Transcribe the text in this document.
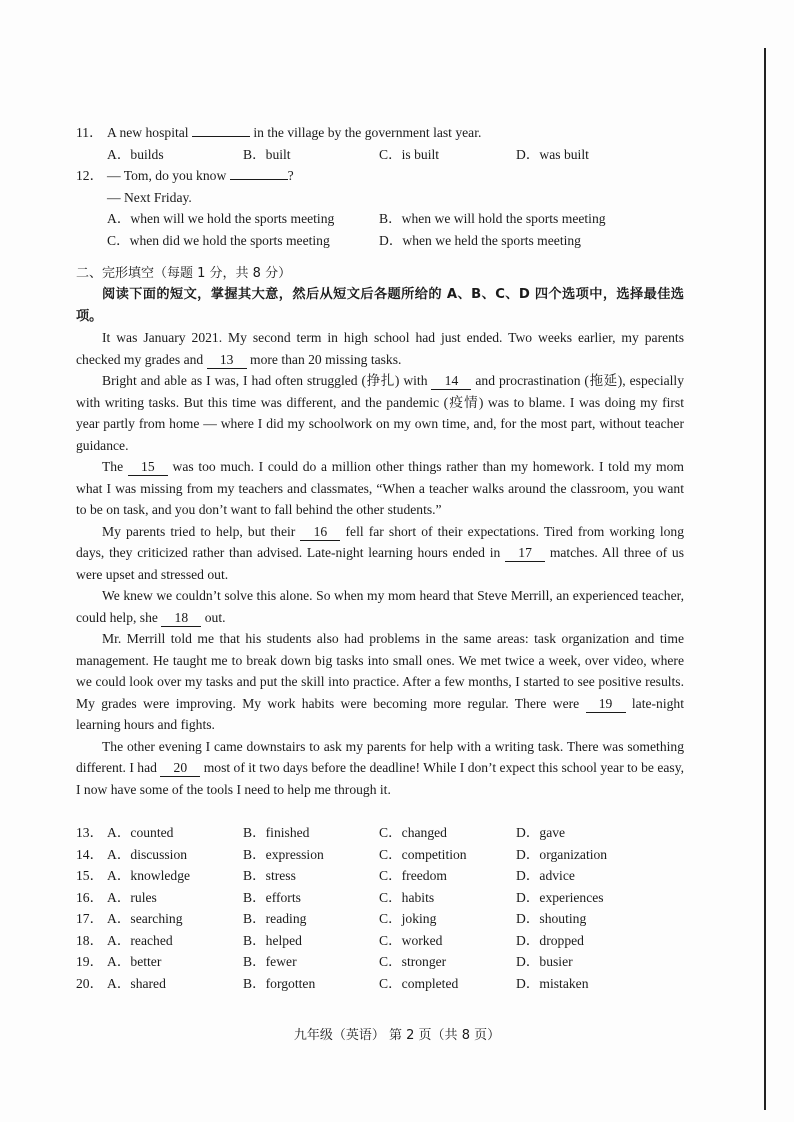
11． A new hospital	in the village by the government last year.
A．builds	B．built	C．is built	D．was built
12． — Tom, do you know	?
— Next Friday.
A．when will we hold the sports meeting	B．when we will hold the sports meeting
C．when did we hold the sports meeting	D．when we held the sports meeting
二、完形填空（每题 1 分，共 8 分）
阅读下面的短文，掌握其大意，然后从短文后各题所给的 A、B、C、D 四个选项中，选择最佳选项。

It was January 2021. My second term in high school had just ended. Two weeks earlier, my parents checked my grades and 13 more than 20 missing tasks.

Bright and able as I was, I had often struggled (挣扎) with 14 and procrastination (拖延), especially with writing tasks. But this time was different, and the pandemic (疫情) was to blame. I was doing my first year partly from home — where I did my schoolwork on my own time, and, for the most part, without teacher guidance.

The 15 was too much. I could do a million other things rather than my homework. I told my mom what I was missing from my teachers and classmates, “When a teacher walks around the classroom, you want to be on task, and you don’t want to fall behind the other students.”

My parents tried to help, but their 16 fell far short of their expectations. Tired from working long days, they criticized rather than advised. Late-night learning hours ended in 17 matches. All three of us were upset and stressed out.

We knew we couldn’t solve this alone. So when my mom heard that Steve Merrill, an experienced teacher, could help, she 18 out.

Mr. Merrill told me that his students also had problems in the same areas: task organization and time management. He taught me to break down big tasks into small ones. We met twice a week, over video, where we could look over my tasks and put the skill into practice. After a few months, I started to see positive results. My grades were improving. My work habits were becoming more regular. There were 19 late-night learning hours and fights.

The other evening I came downstairs to ask my parents for help with a writing task. There was something different. I had 20 most of it two days before the deadline! While I don’t expect this school year to be easy, I now have some of the tools I need to help me through it.

13． A．counted	B．finished	C．changed	D．gave
14． A．discussion	B．expression	C．competition	D．organization
15． A．knowledge	B．stress	C．freedom	D．advice
16． A．rules	B．efforts	C．habits	D．experiences
17． A．searching	B．reading	C．joking	D．shouting
18． A．reached	B．helped	C．worked	D．dropped
19． A．better	B．fewer	C．stronger	D．busier
20． A．shared	B．forgotten	C．completed	D．mistaken
九年级（英语） 第 2 页（共 8 页）
